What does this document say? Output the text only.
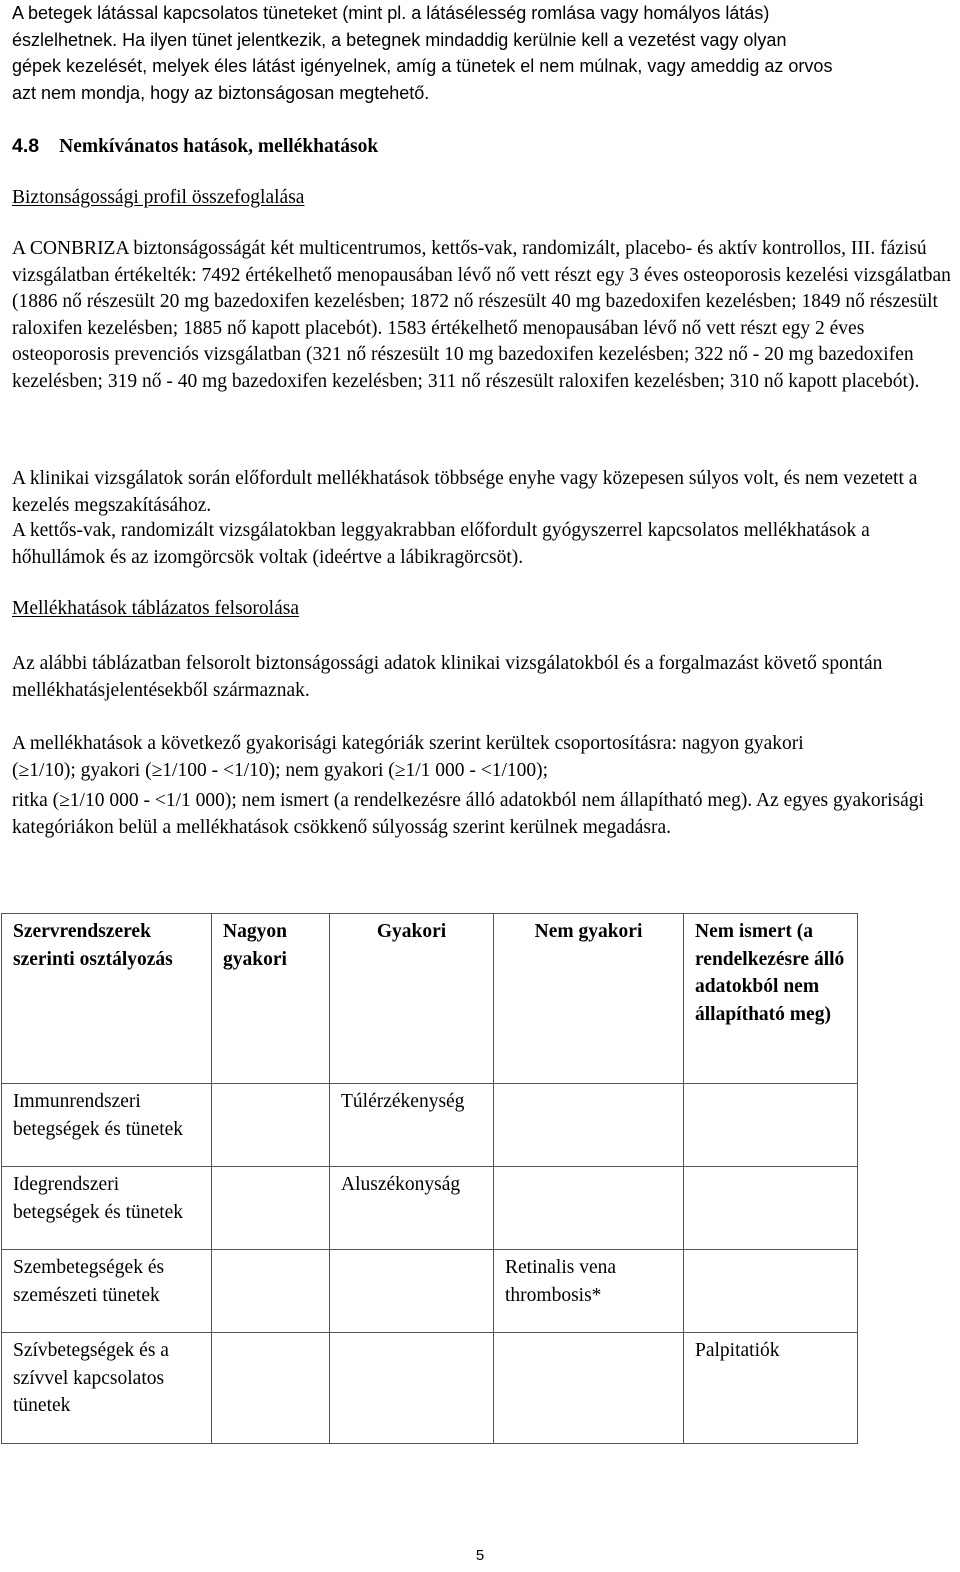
A betegek látással kapcsolatos tüneteket (mint pl. a látásélesség romlása vagy homályos látás)
észlelhetnek. Ha ilyen tünet jelentkezik, a betegnek mindaddig kerülnie kell a vezetést vagy olyan
gépek kezelését, melyek éles látást igényelnek, amíg a tünetek el nem múlnak, vagy ameddig az orvos
azt nem mondja, hogy az biztonságosan megtehető.
4.8 Nemkívánatos hatások, mellékhatások
Biztonságossági profil összefoglalása
A CONBRIZA biztonságosságát két multicentrumos, kettős-vak, randomizált, placebo- és aktív kontrollos, III. fázisú vizsgálatban értékelték: 7492 értékelhető menopausában lévő nő vett részt egy 3 éves osteoporosis kezelési vizsgálatban (1886 nő részesült 20 mg bazedoxifen kezelésben; 1872 nő részesült 40 mg bazedoxifen kezelésben; 1849 nő részesült raloxifen kezelésben; 1885 nő kapott placebót). 1583 értékelhető menopausában lévő nő vett részt egy 2 éves osteoporosis prevenciós vizsgálatban (321 nő részesült 10 mg bazedoxifen kezelésben; 322 nő - 20 mg bazedoxifen kezelésben; 319 nő - 40 mg bazedoxifen kezelésben; 311 nő részesült raloxifen kezelésben; 310 nő kapott placebót).
A klinikai vizsgálatok során előfordult mellékhatások többsége enyhe vagy közepesen súlyos volt, és nem vezetett a kezelés megszakításához.
A kettős-vak, randomizált vizsgálatokban leggyakrabban előfordult gyógyszerrel kapcsolatos mellékhatások a hőhullámok és az izomgörcsök voltak (ideértve a lábikragörcsöt).
Mellékhatások táblázatos felsorolása
Az alábbi táblázatban felsorolt biztonságossági adatok klinikai vizsgálatokból és a forgalmazást követő spontán mellékhatásjelentésekből származnak.
A mellékhatások a következő gyakorisági kategóriák szerint kerültek csoportosításra: nagyon gyakori
(≥1/10); gyakori (≥1/100 - <1/10); nem gyakori (≥1/1 000 - <1/100);
ritka (≥1/10 000 - <1/1 000); nem ismert (a rendelkezésre álló adatokból nem állapítható meg). Az egyes gyakorisági kategóriákon belül a mellékhatások csökkenő súlyosság szerint kerülnek megadásra.
Szervrendszerek szerinti osztályozás	Nagyon gyakori	Gyakori	Nem gyakori	Nem ismert (a rendelkezésre álló adatokból nem állapítható meg)
Immunrendszeri betegségek és tünetek		Túlérzékenység		
Idegrendszeri betegségek és tünetek		Aluszékonyság		
Szembetegségek és szemészeti tünetek			Retinalis vena thrombosis*	
Szívbetegségek és a szívvel kapcsolatos tünetek				Palpitatiók
5
